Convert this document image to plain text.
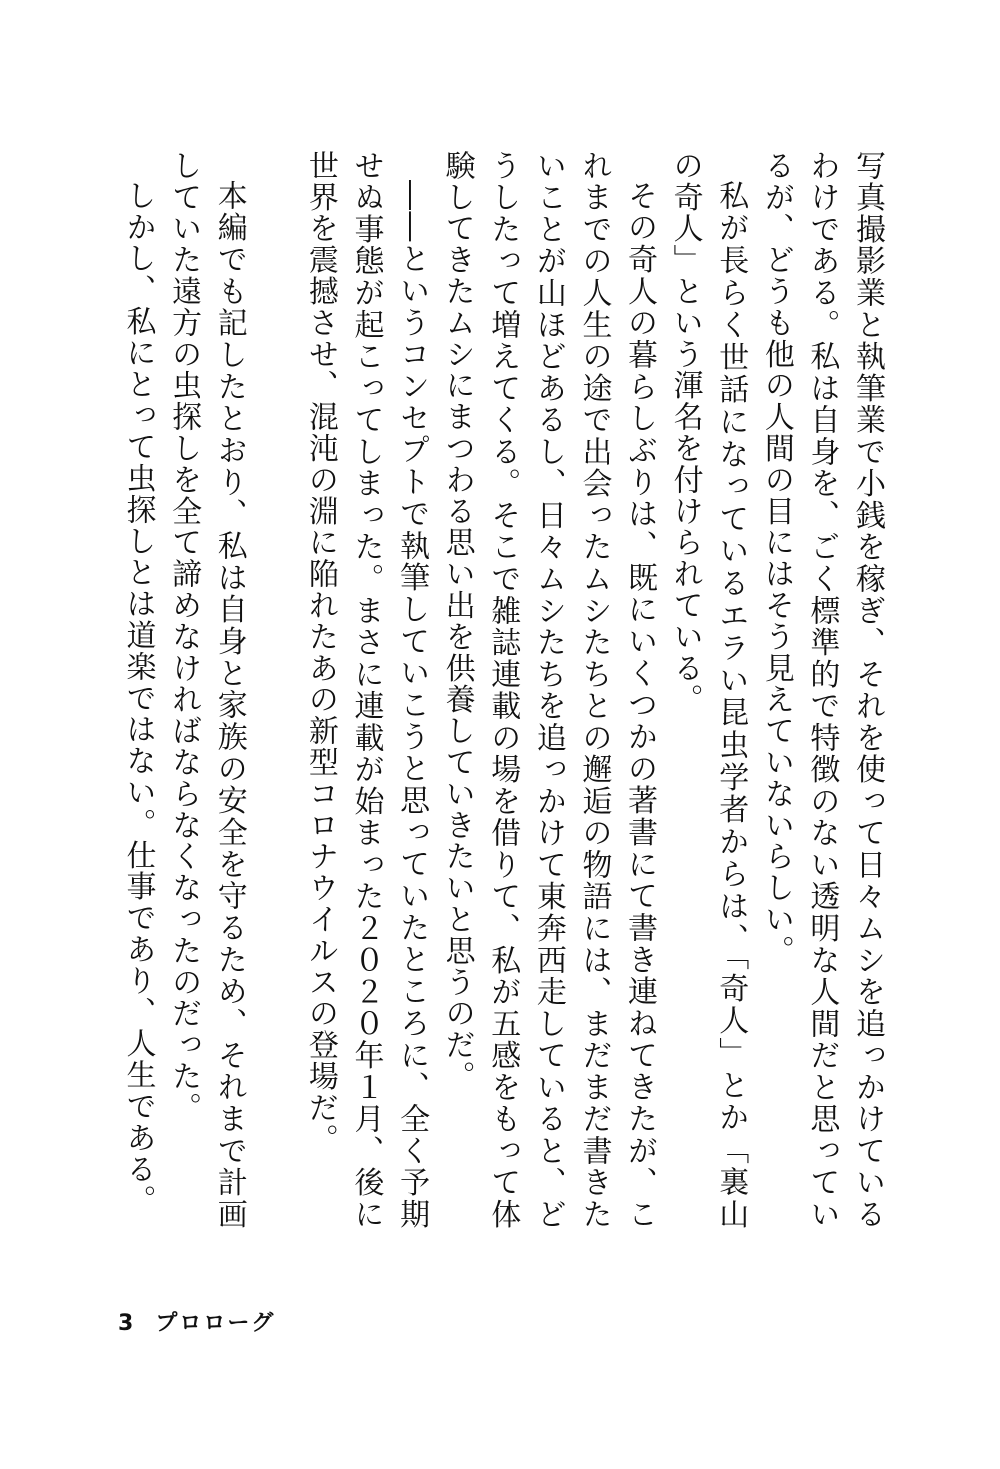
写真撮影業と執筆業で小銭を稼ぎ、それを使って日々ムシを追っかけているわけである。私は自身を、ごく標準的で特徴のない透明な人間だと思っているが、どうも他の人間の目にはそう見えていないらしい。

私が長らく世話になっているエラい昆虫学者からは、「奇人」とか「裏山の奇人」という渾名を付けられている。

その奇人の暮らしぶりは、既にいくつかの著書にて書き連ねてきたが、これまでの人生の途で出会ったムシたちとの邂逅の物語には、まだまだ書きたいことが山ほどあるし、日々ムシたちを追っかけて東奔西走していると、どうしたって増えてくる。そこで雑誌連載の場を借りて、私が五感をもって体験してきたムシにまつわる思い出を供養していきたいと思うのだ。

――というコンセプトで執筆していこうと思っていたところに、全く予期せぬ事態が起こってしまった。まさに連載が始まった２０２０年１月、後に世界を震撼させ、混沌の淵に陥れたあの新型コロナウイルスの登場だ。

本編でも記したとおり、私は自身と家族の安全を守るため、それまで計画していた遠方の虫探しを全て諦めなければならなくなったのだった。

しかし、私にとって虫探しとは道楽ではない。仕事であり、人生である。

3 プロローグ
